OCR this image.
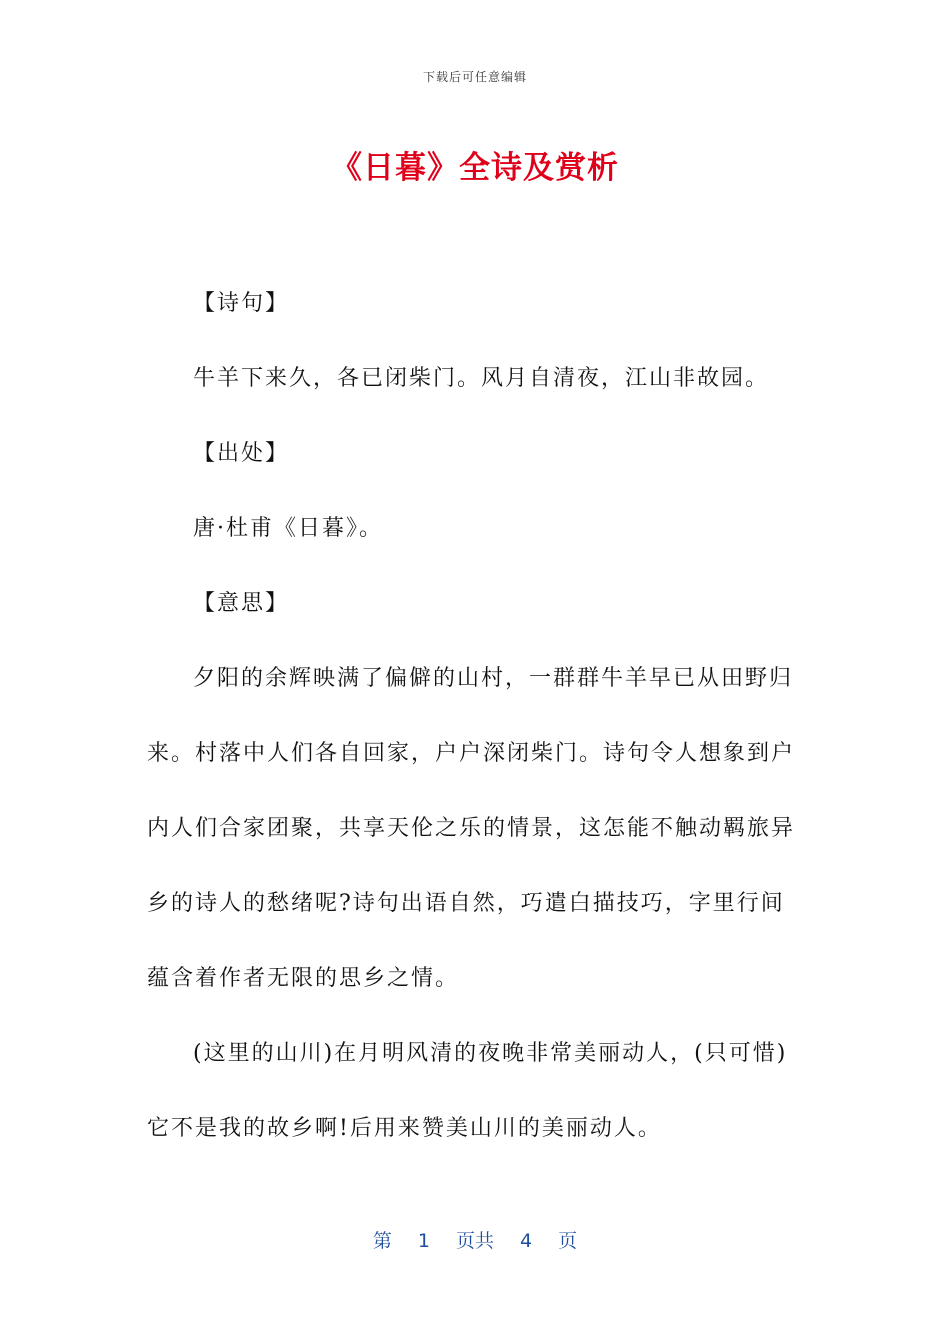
下载后可任意编辑
《日暮》全诗及赏析

【诗句】

牛羊下来久，各已闭柴门。风月自清夜，江山非故园。

【出处】

唐·杜甫《日暮》。

【意思】

夕阳的余辉映满了偏僻的山村，一群群牛羊早已从田野归来。村落中人们各自回家，户户深闭柴门。诗句令人想象到户内人们合家团聚，共享天伦之乐的情景，这怎能不触动羁旅异乡的诗人的愁绪呢?诗句出语自然，巧遣白描技巧，字里行间蕴含着作者无限的思乡之情。

(这里的山川)在月明风清的夜晚非常美丽动人，(只可惜)它不是我的故乡啊!后用来赞美山川的美丽动人。

第 1 页共 4 页
